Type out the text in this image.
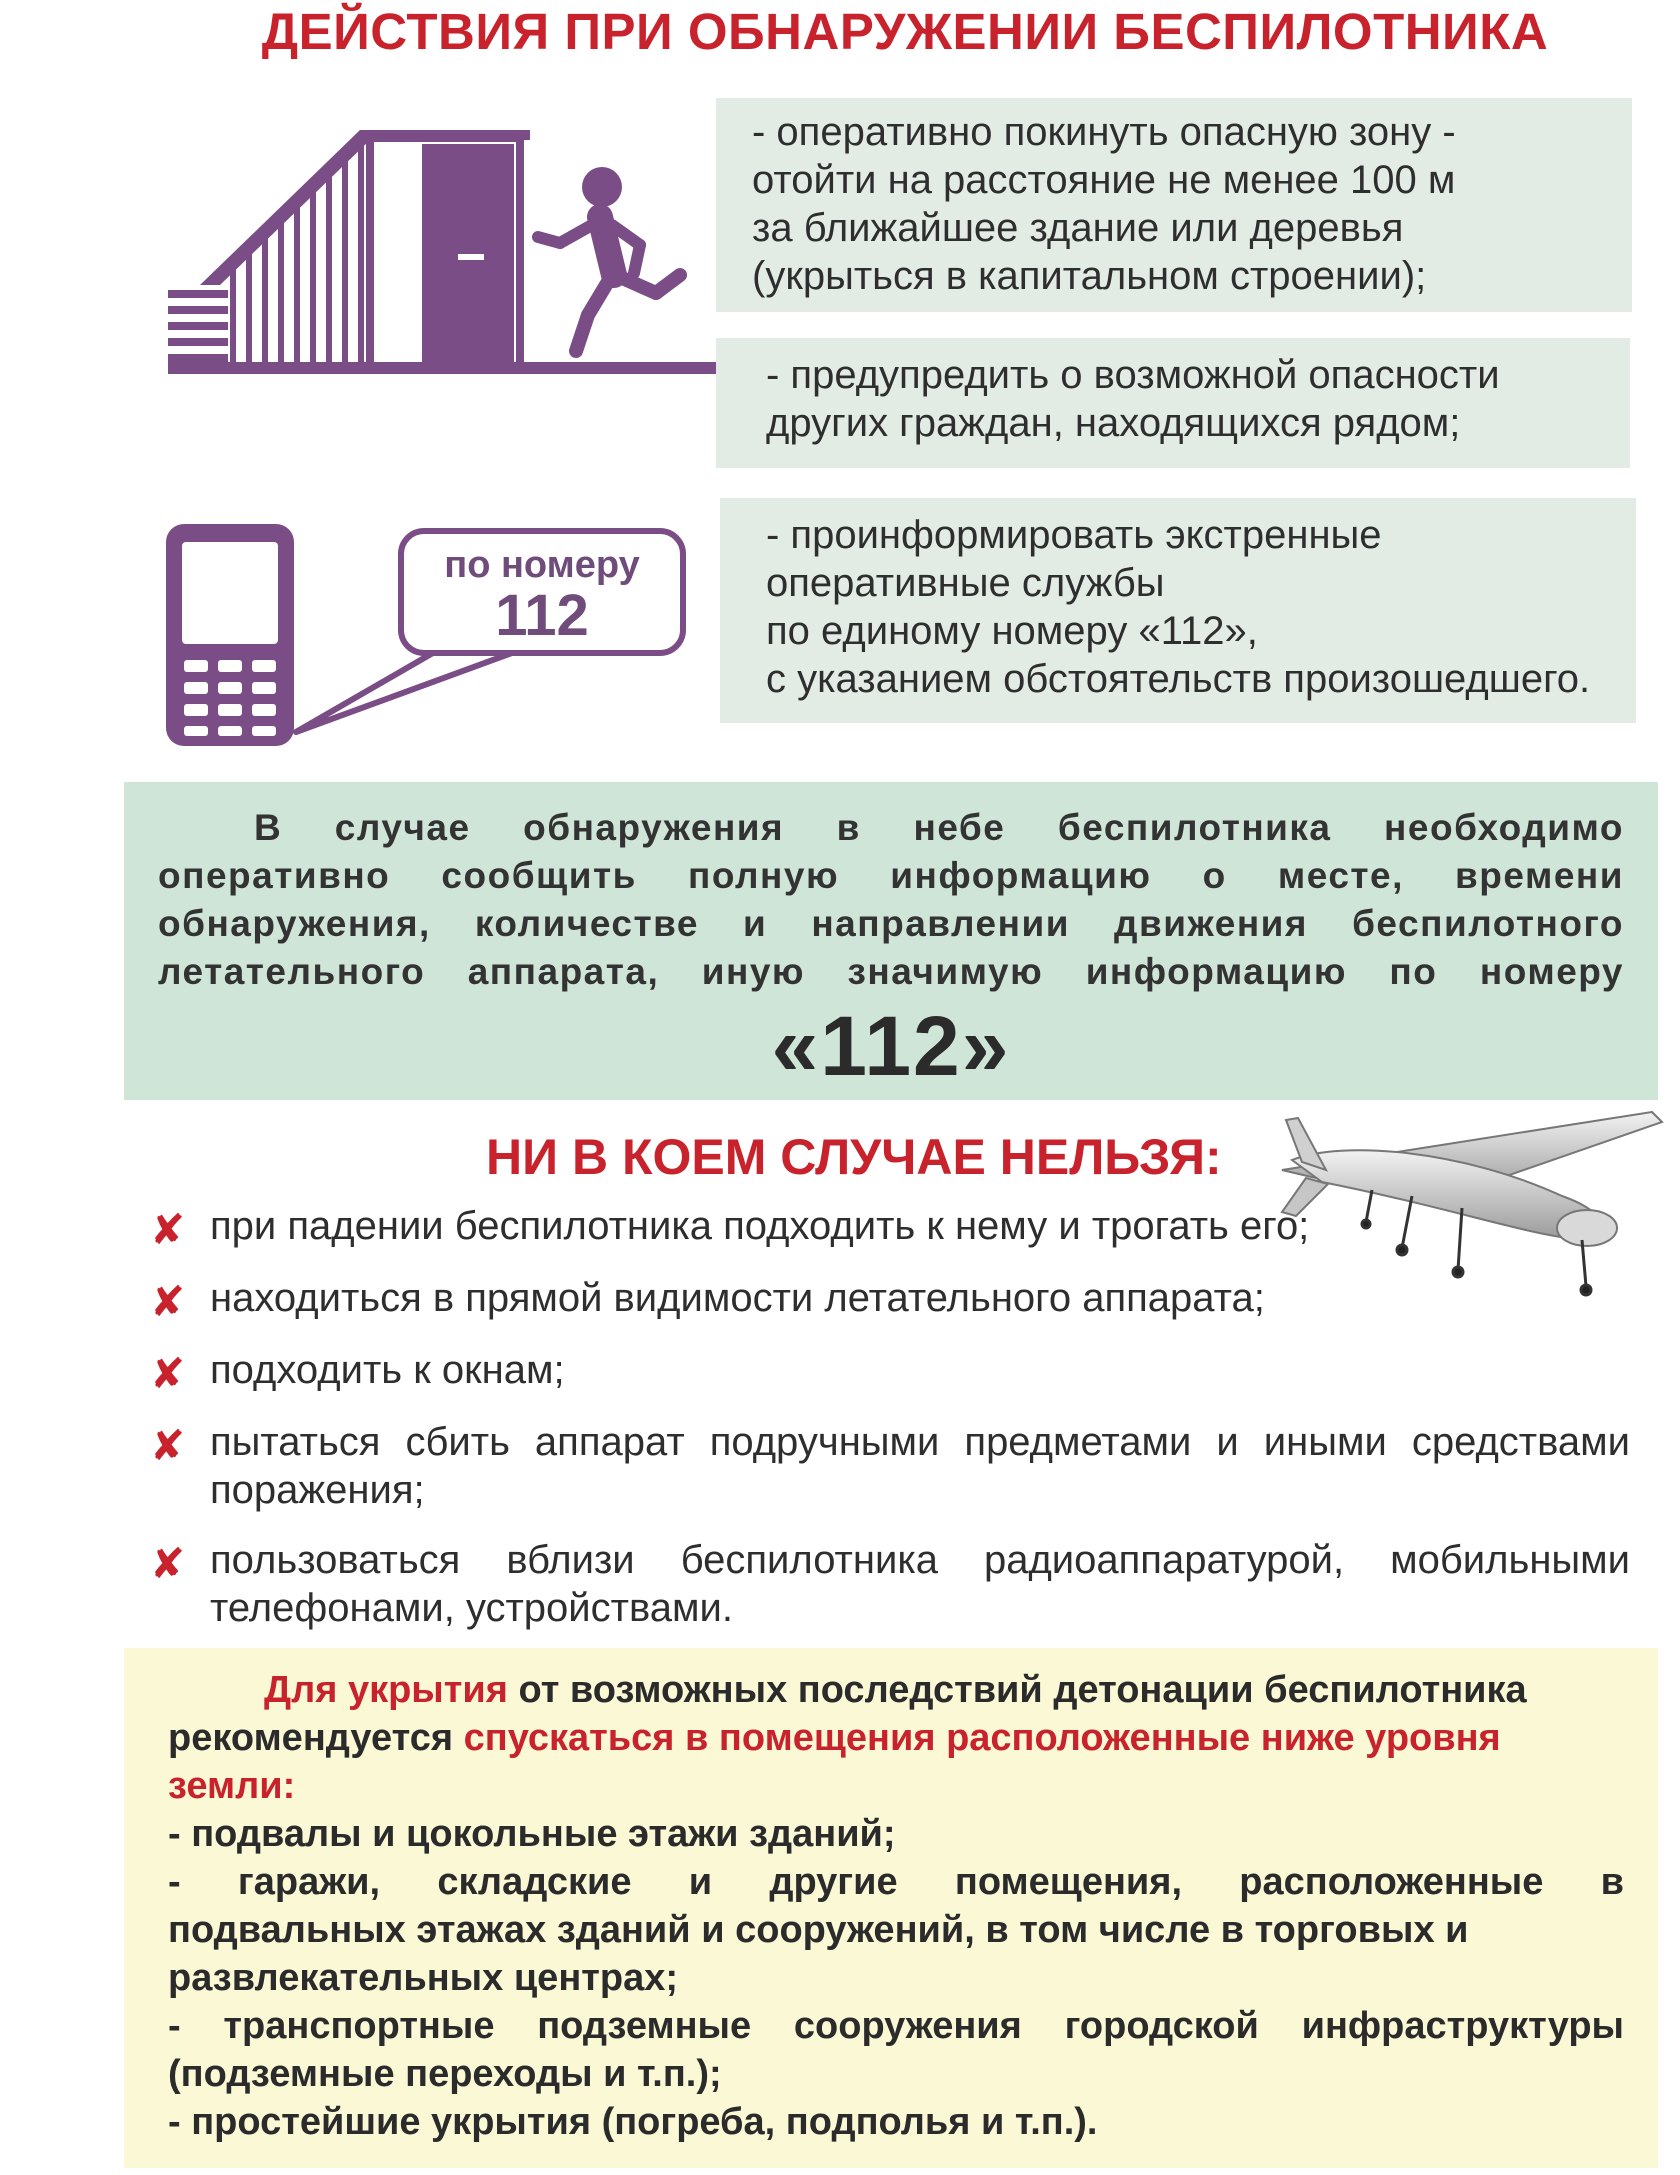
ДЕЙСТВИЯ ПРИ ОБНАРУЖЕНИИ БЕСПИЛОТНИКА
- оперативно покинуть опасную зону -
отойти на расстояние не менее 100 м
за ближайшее здание или деревья
(укрыться в капитальном строении);
- предупредить о возможной опасности
других граждан, находящихся рядом;
по номеру
112
- проинформировать экстренные
оперативные службы
по единому номеру «112»,
с указанием обстоятельств произошедшего.
В случае обнаружения в небе беспилотника необходимо
оперативно сообщить полную информацию о месте, времени
обнаружения, количестве и направлении движения беспилотного
летательного аппарата, иную значимую информацию по номеру
«112»
НИ В КОЕМ СЛУЧАЕ НЕЛЬЗЯ:
✘ при падении беспилотника подходить к нему и трогать его;
✘ находиться в прямой видимости летательного аппарата;
✘ подходить к окнам;
✘ пытаться сбить аппарат подручными предметами и иными средствами поражения;
✘ пользоваться вблизи беспилотника радиоаппаратурой, мобильными телефонами, устройствами.
Для укрытия от возможных последствий детонации беспилотника
рекомендуется спускаться в помещения расположенные ниже уровня
земли:
- подвалы и цокольные этажи зданий;
- гаражи, складские и другие помещения, расположенные в
подвальных этажах зданий и сооружений, в том числе в торговых и
развлекательных центрах;
- транспортные подземные сооружения городской инфраструктуры
(подземные переходы и т.п.);
- простейшие укрытия (погреба, подполья и т.п.).
